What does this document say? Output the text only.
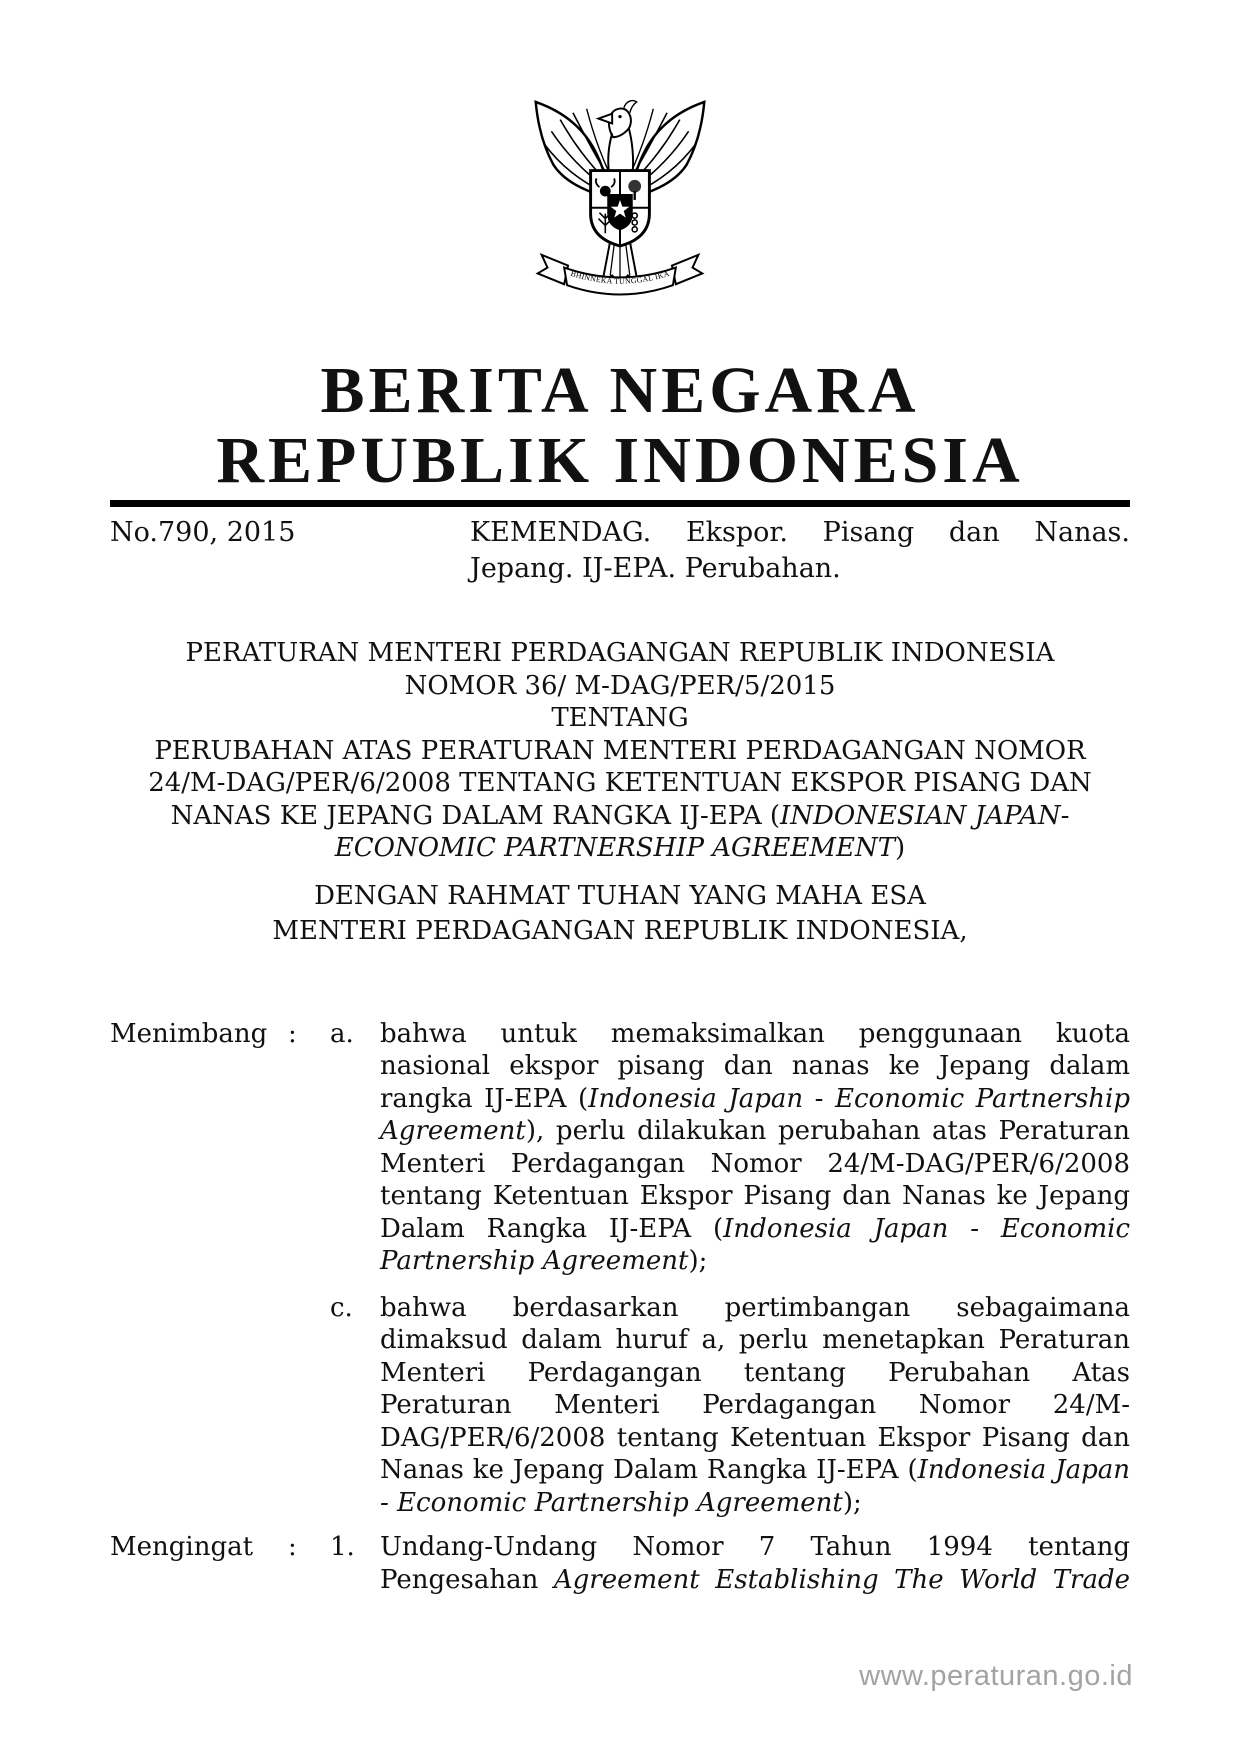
BHINNEKA TUNGGAL IKA
BERITA NEGARA
REPUBLIK INDONESIA
No.790, 2015	KEMENDAG. Ekspor. Pisang dan Nanas.
Jepang. IJ-EPA. Perubahan.

PERATURAN MENTERI PERDAGANGAN REPUBLIK INDONESIA

NOMOR 36/ M-DAG/PER/5/2015

TENTANG

PERUBAHAN ATAS PERATURAN MENTERI PERDAGANGAN NOMOR 24/M-DAG/PER/6/2008 TENTANG KETENTUAN EKSPOR PISANG DAN NANAS KE JEPANG DALAM RANGKA IJ-EPA (INDONESIAN JAPAN-ECONOMIC PARTNERSHIP AGREEMENT)

DENGAN RAHMAT TUHAN YANG MAHA ESA

MENTERI PERDAGANGAN REPUBLIK INDONESIA,

Menimbang :	a.	bahwa untuk memaksimalkan penggunaan kuota nasional ekspor pisang dan nanas ke Jepang dalam rangka IJ-EPA (Indonesia Japan - Economic Partnership Agreement), perlu dilakukan perubahan atas Peraturan Menteri Perdagangan Nomor 24/M-DAG/PER/6/2008 tentang Ketentuan Ekspor Pisang dan Nanas ke Jepang Dalam Rangka IJ-EPA (Indonesia Japan - Economic Partnership Agreement);
c.	bahwa berdasarkan pertimbangan sebagaimana dimaksud dalam huruf a, perlu menetapkan Peraturan Menteri Perdagangan tentang Perubahan Atas Peraturan Menteri Perdagangan Nomor 24/M-DAG/PER/6/2008 tentang Ketentuan Ekspor Pisang dan Nanas ke Jepang Dalam Rangka IJ-EPA (Indonesia Japan - Economic Partnership Agreement);
Mengingat	:	1. Undang-Undang Nomor 7 Tahun 1994 tentang

Pengesahan Agreement Establishing The World Trade

www.peraturan.go.id
